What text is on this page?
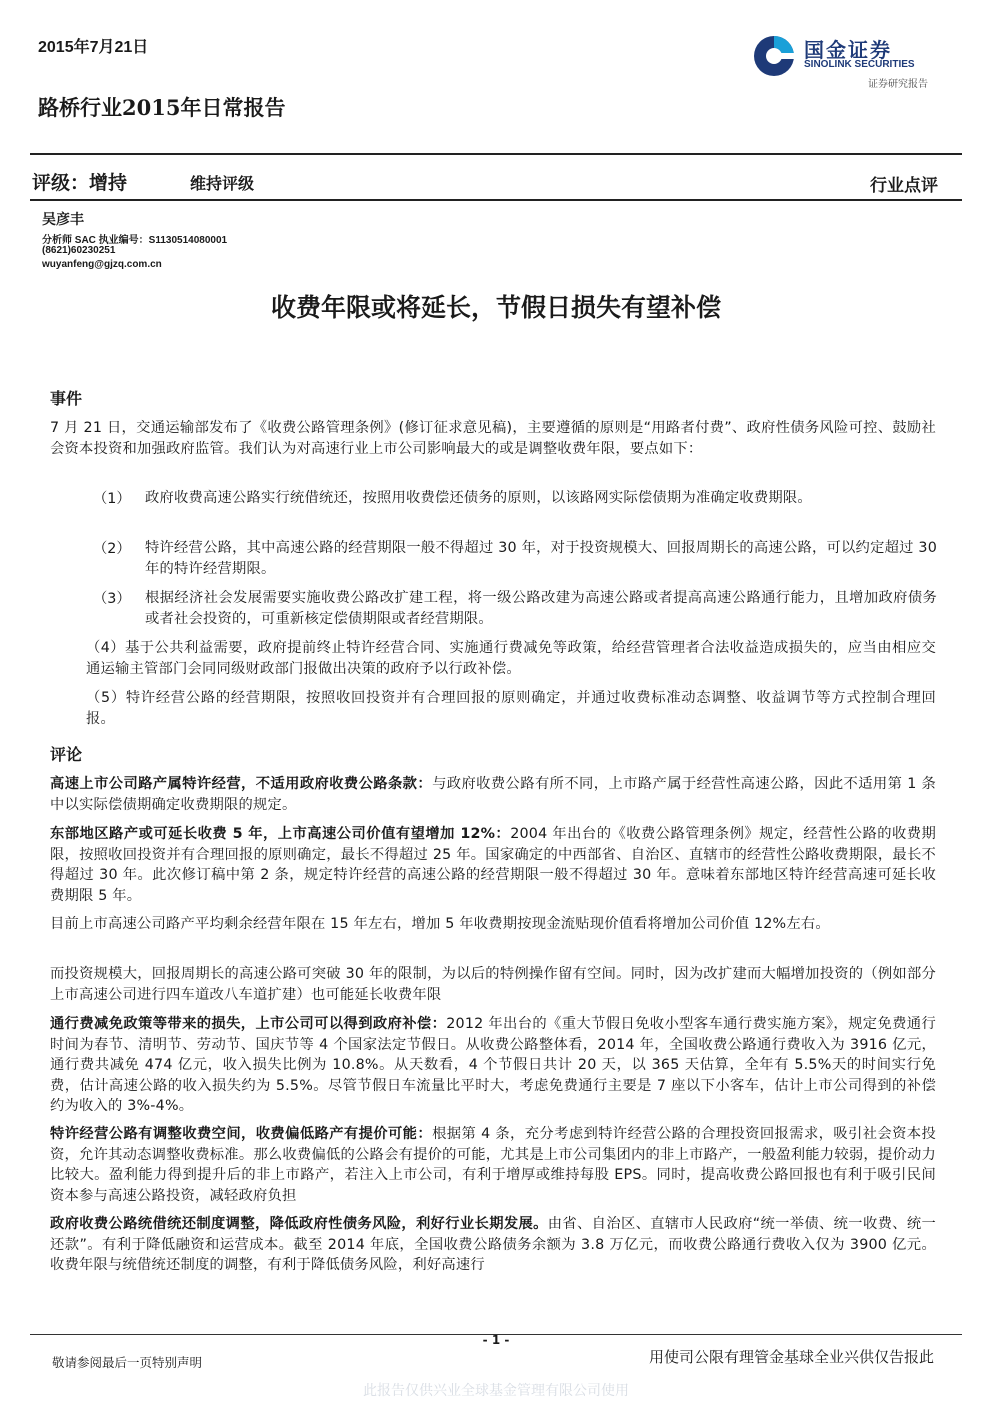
2015年7月21日	国金证券
SINOLINK SECURITIES
证券研究报告
路桥行业2015年日常报告
评级：增持	维持评级	行业点评
吴彦丰
分析师 SAC 执业编号：S1130514080001
(8621)60230251
wuyanfeng@gjzq.com.cn
收费年限或将延长，节假日损失有望补偿
事件
7 月 21 日，交通运输部发布了《收费公路管理条例》(修订征求意见稿)，主要遵循的原则是“用路者付费”、政府性债务风险可控、鼓励社会资本投资和加强政府监管。我们认为对高速行业上市公司影响最大的或是调整收费年限，要点如下：
（1） 政府收费高速公路实行统借统还，按照用收费偿还债务的原则，以该路网实际偿债期为准确定收费期限。
（2） 特许经营公路，其中高速公路的经营期限一般不得超过 30 年，对于投资规模大、回报周期长的高速公路，可以约定超过 30 年的特许经营期限。
（3） 根据经济社会发展需要实施收费公路改扩建工程，将一级公路改建为高速公路或者提高高速公路通行能力，且增加政府债务或者社会投资的，可重新核定偿债期限或者经营期限。
（4）基于公共利益需要，政府提前终止特许经营合同、实施通行费减免等政策，给经营管理者合法收益造成损失的，应当由相应交通运输主管部门会同同级财政部门报做出决策的政府予以行政补偿。
（5）特许经营公路的经营期限，按照收回投资并有合理回报的原则确定，并通过收费标准动态调整、收益调节等方式控制合理回报。
评论
高速上市公司路产属特许经营，不适用政府收费公路条款：与政府收费公路有所不同，上市路产属于经营性高速公路，因此不适用第 1 条中以实际偿债期确定收费期限的规定。
东部地区路产或可延长收费 5 年，上市高速公司价值有望增加 12%：2004 年出台的《收费公路管理条例》规定，经营性公路的收费期限，按照收回投资并有合理回报的原则确定，最长不得超过 25 年。国家确定的中西部省、自治区、直辖市的经营性公路收费期限，最长不得超过 30 年。此次修订稿中第 2 条，规定特许经营的高速公路的经营期限一般不得超过 30 年。意味着东部地区特许经营高速可延长收费期限 5 年。
目前上市高速公司路产平均剩余经营年限在 15 年左右，增加 5 年收费期按现金流贴现价值看将增加公司价值 12%左右。
而投资规模大，回报周期长的高速公路可突破 30 年的限制，为以后的特例操作留有空间。同时，因为改扩建而大幅增加投资的（例如部分上市高速公司进行四车道改八车道扩建）也可能延长收费年限
通行费减免政策等带来的损失，上市公司可以得到政府补偿：2012 年出台的《重大节假日免收小型客车通行费实施方案》，规定免费通行时间为春节、清明节、劳动节、国庆节等 4 个国家法定节假日。从收费公路整体看，2014 年，全国收费公路通行费收入为 3916 亿元，通行费共减免 474 亿元，收入损失比例为 10.8%。从天数看，4 个节假日共计 20 天，以 365 天估算，全年有 5.5%天的时间实行免费，估计高速公路的收入损失约为 5.5%。尽管节假日车流量比平时大，考虑免费通行主要是 7 座以下小客车，估计上市公司得到的补偿约为收入的 3%-4%。
特许经营公路有调整收费空间，收费偏低路产有提价可能：根据第 4 条，充分考虑到特许经营公路的合理投资回报需求，吸引社会资本投资，允许其动态调整收费标准。那么收费偏低的公路会有提价的可能，尤其是上市公司集团内的非上市路产，一般盈利能力较弱，提价动力比较大。盈利能力得到提升后的非上市路产，若注入上市公司，有利于增厚或维持每股 EPS。同时，提高收费公路回报也有利于吸引民间资本参与高速公路投资，减轻政府负担
政府收费公路统借统还制度调整，降低政府性债务风险，利好行业长期发展。由省、自治区、直辖市人民政府“统一举债、统一收费、统一还款”。有利于降低融资和运营成本。截至 2014 年底，全国收费公路债务余额为 3.8 万亿元，而收费公路通行费收入仅为 3900 亿元。收费年限与统借统还制度的调整，有利于降低债务风险，利好高速行
- 1 -
敬请参阅最后一页特别声明	用使司公限有理管金基球全业兴供仅告报此
此报告仅供兴业全球基金管理有限公司使用
